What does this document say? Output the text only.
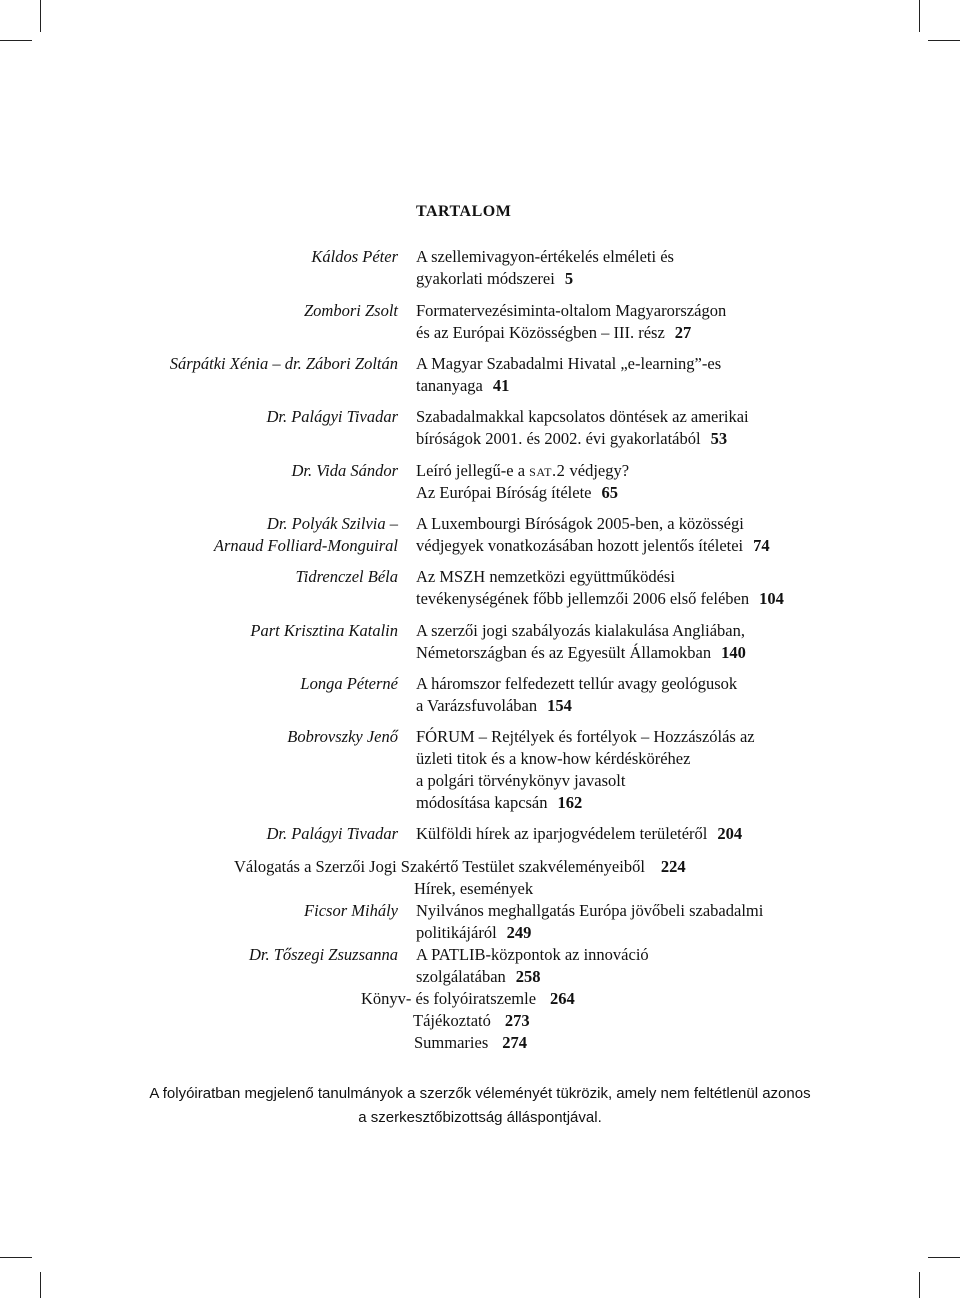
TARTALOM
Káldos Péter A szellemivagyon-értékelés elméleti és
gyakorlati módszerei 5
Zombori Zsolt Formatervezésiminta-oltalom Magyarországon
és az Európai Közösségben – III. rész 27
Sárpátki Xénia – dr. Zábori Zoltán A Magyar Szabadalmi Hivatal „e-learning”-es
tananyaga 41
Dr. Palágyi Tivadar Szabadalmakkal kapcsolatos döntések az amerikai
bíróságok 2001. és 2002. évi gyakorlatából 53
Dr. Vida Sándor Leíró jellegű-e a sat.2 védjegy?
Az Európai Bíróság ítélete 65
Dr. Polyák Szilvia –
Arnaud Folliard-Monguiral
A Luxembourgi Bíróságok 2005-ben, a közösségi
védjegyek vonatkozásában hozott jelentős ítéletei 74
Tidrenczel Béla Az MSZH nemzetközi együttműködési
tevékenységének főbb jellemzői 2006 első felében 104
Part Krisztina Katalin A szerzői jogi szabályozás kialakulása Angliában,
Németországban és az Egyesült Államokban 140
Longa Péterné A háromszor felfedezett tellúr avagy geológusok
a Varázsfuvolában 154
Bobrovszky Jenő FÓRUM – Rejtélyek és fortélyok – Hozzászólás az
üzleti titok és a know-how kérdésköréhez
a polgári törvénykönyv javasolt
módosítása kapcsán 162
Dr. Palágyi Tivadar Külföldi hírek az iparjogvédelem területéről 204
Válogatás a Szerzői Jogi Szakértő Testület szakvéleményeiből 224
Hírek, események
Ficsor Mihály Nyilvános meghallgatás Európa jövőbeli szabadalmi
politikájáról 249
Dr. Tőszegi Zsuzsanna A PATLIB-központok az innováció
szolgálatában 258
Könyv- és folyóiratszemle 264
Tájékoztató 273
Summaries 274
A folyóiratban megjelenő tanulmányok a szerzők véleményét tükrözik, amely nem feltétlenül azonos
a szerkesztőbizottság álláspontjával.
